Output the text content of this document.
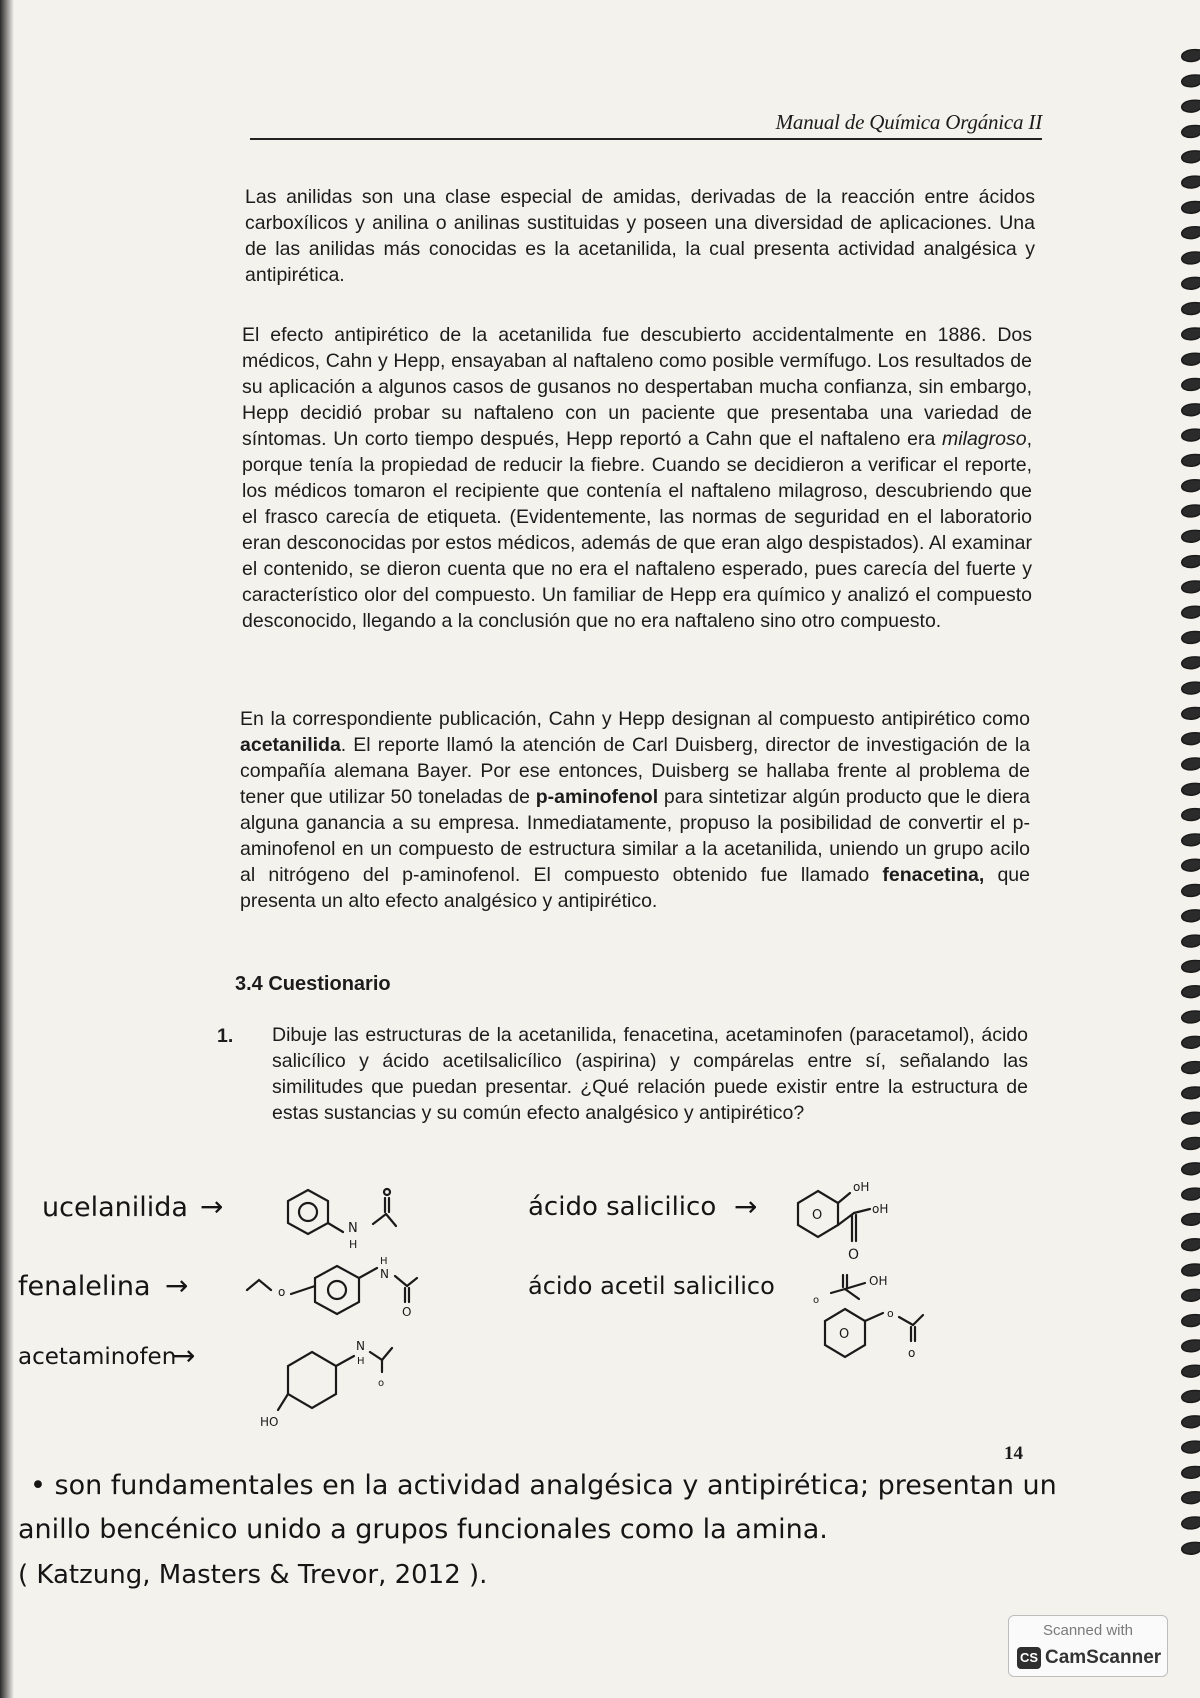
Manual de Química Orgánica II

Las anilidas son una clase especial de amidas, derivadas de la reacción entre ácidos carboxílicos y anilina o anilinas sustituidas y poseen una diversidad de aplicaciones. Una de las anilidas más conocidas es la acetanilida, la cual presenta actividad analgésica y antipirética.

El efecto antipirético de la acetanilida fue descubierto accidentalmente en 1886. Dos médicos, Cahn y Hepp, ensayaban al naftaleno como posible vermífugo. Los resultados de su aplicación a algunos casos de gusanos no despertaban mucha confianza, sin embargo, Hepp decidió probar su naftaleno con un paciente que presentaba una variedad de síntomas. Un corto tiempo después, Hepp reportó a Cahn que el naftaleno era milagroso, porque tenía la propiedad de reducir la fiebre. Cuando se decidieron a verificar el reporte, los médicos tomaron el recipiente que contenía el naftaleno milagroso, descubriendo que el frasco carecía de etiqueta. (Evidentemente, las normas de seguridad en el laboratorio eran desconocidas por estos médicos, además de que eran algo despistados). Al examinar el contenido, se dieron cuenta que no era el naftaleno esperado, pues carecía del fuerte y característico olor del compuesto. Un familiar de Hepp era químico y analizó el compuesto desconocido, llegando a la conclusión que no era naftaleno sino otro compuesto.

En la correspondiente publicación, Cahn y Hepp designan al compuesto antipirético como acetanilida. El reporte llamó la atención de Carl Duisberg, director de investigación de la compañía alemana Bayer. Por ese entonces, Duisberg se hallaba frente al problema de tener que utilizar 50 toneladas de p-aminofenol para sintetizar algún producto que le diera alguna ganancia a su empresa. Inmediatamente, propuso la posibilidad de convertir el p-aminofenol en un compuesto de estructura similar a la acetanilida, uniendo un grupo acilo al nitrógeno del p-aminofenol. El compuesto obtenido fue llamado fenacetina, que presenta un alto efecto analgésico y antipirético.

3.4 Cuestionario
1. Dibuje las estructuras de la acetanilida, fenacetina, acetaminofen (paracetamol), ácido salicílico y ácido acetilsalicílico (aspirina) y compárelas entre sí, señalando las similitudes que puedan presentar. ¿Qué relación puede existir entre la estructura de estas sustancias y su común efecto analgésico y antipirético?

ucelanilida →
fenalelina →
acetaminofen
→
ácido salicilico →
ácido acetil salicilico
N
H
o
H
N
O
N
H
o
HO
O
oH
oH
O
OH
o
O
o
o
14
• son fundamentales en la actividad analgésica y antipirética; presentan un
anillo bencénico unido a grupos funcionales como la amina.
( Katzung, Masters & Trevor, 2012 ).
Scanned with
CS CamScanner
